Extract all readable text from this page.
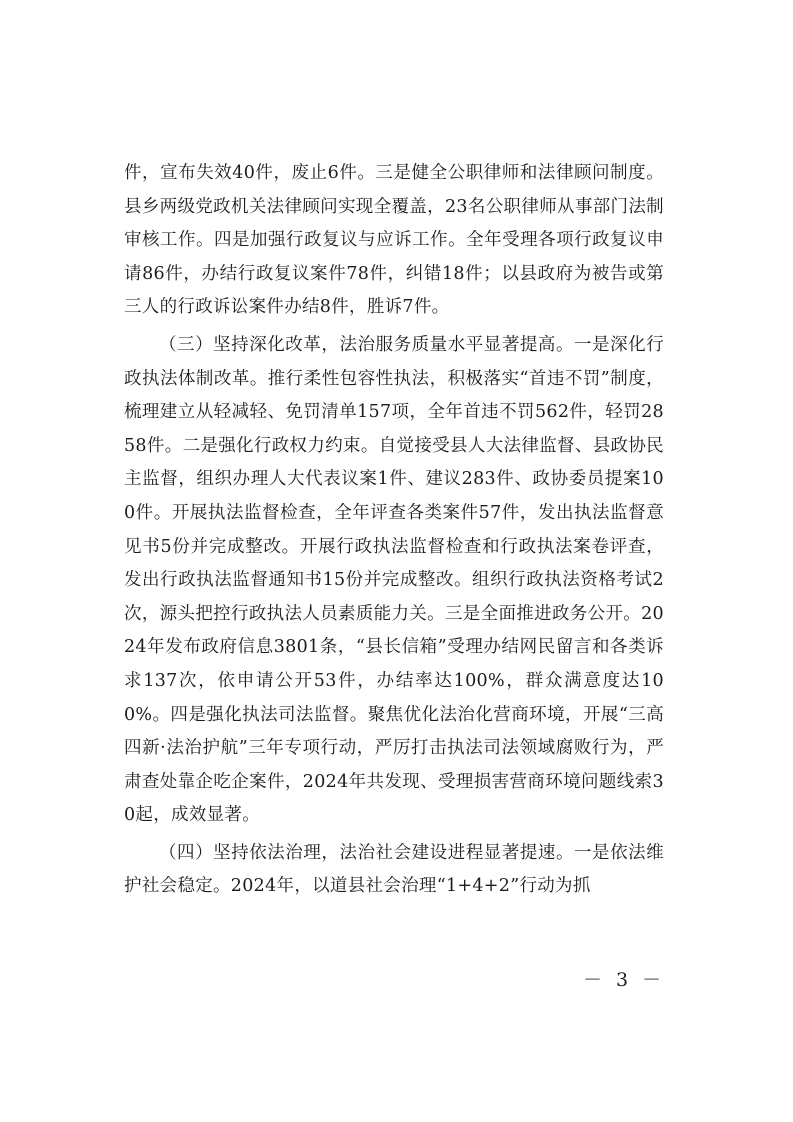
件，宣布失效40件，废止6件。三是健全公职律师和法律顾问制度。县乡两级党政机关法律顾问实现全覆盖，23名公职律师从事部门法制审核工作。四是加强行政复议与应诉工作。全年受理各项行政复议申请86件，办结行政复议案件78件，纠错18件；以县政府为被告或第三人的行政诉讼案件办结8件，胜诉7件。

（三）坚持深化改革，法治服务质量水平显著提高。一是深化行政执法体制改革。推行柔性包容性执法，积极落实“首违不罚”制度，梳理建立从轻减轻、免罚清单157项，全年首违不罚562件，轻罚2858件。二是强化行政权力约束。自觉接受县人大法律监督、县政协民主监督，组织办理人大代表议案1件、建议283件、政协委员提案100件。开展执法监督检查，全年评查各类案件57件，发出执法监督意见书5份并完成整改。开展行政执法监督检查和行政执法案卷评查，发出行政执法监督通知书15份并完成整改。组织行政执法资格考试2次，源头把控行政执法人员素质能力关。三是全面推进政务公开。2024年发布政府信息3801条，“县长信箱”受理办结网民留言和各类诉求137次，依申请公开53件，办结率达100%，群众满意度达100%。四是强化执法司法监督。聚焦优化法治化营商环境，开展“三高四新·法治护航”三年专项行动，严厉打击执法司法领域腐败行为，严肃查处靠企吃企案件，2024年共发现、受理损害营商环境问题线索30起，成效显著。

（四）坚持依法治理，法治社会建设进程显著提速。一是依法维护社会稳定。2024年，以道县社会治理“1+4+2”行动为抓

－ 3 －
